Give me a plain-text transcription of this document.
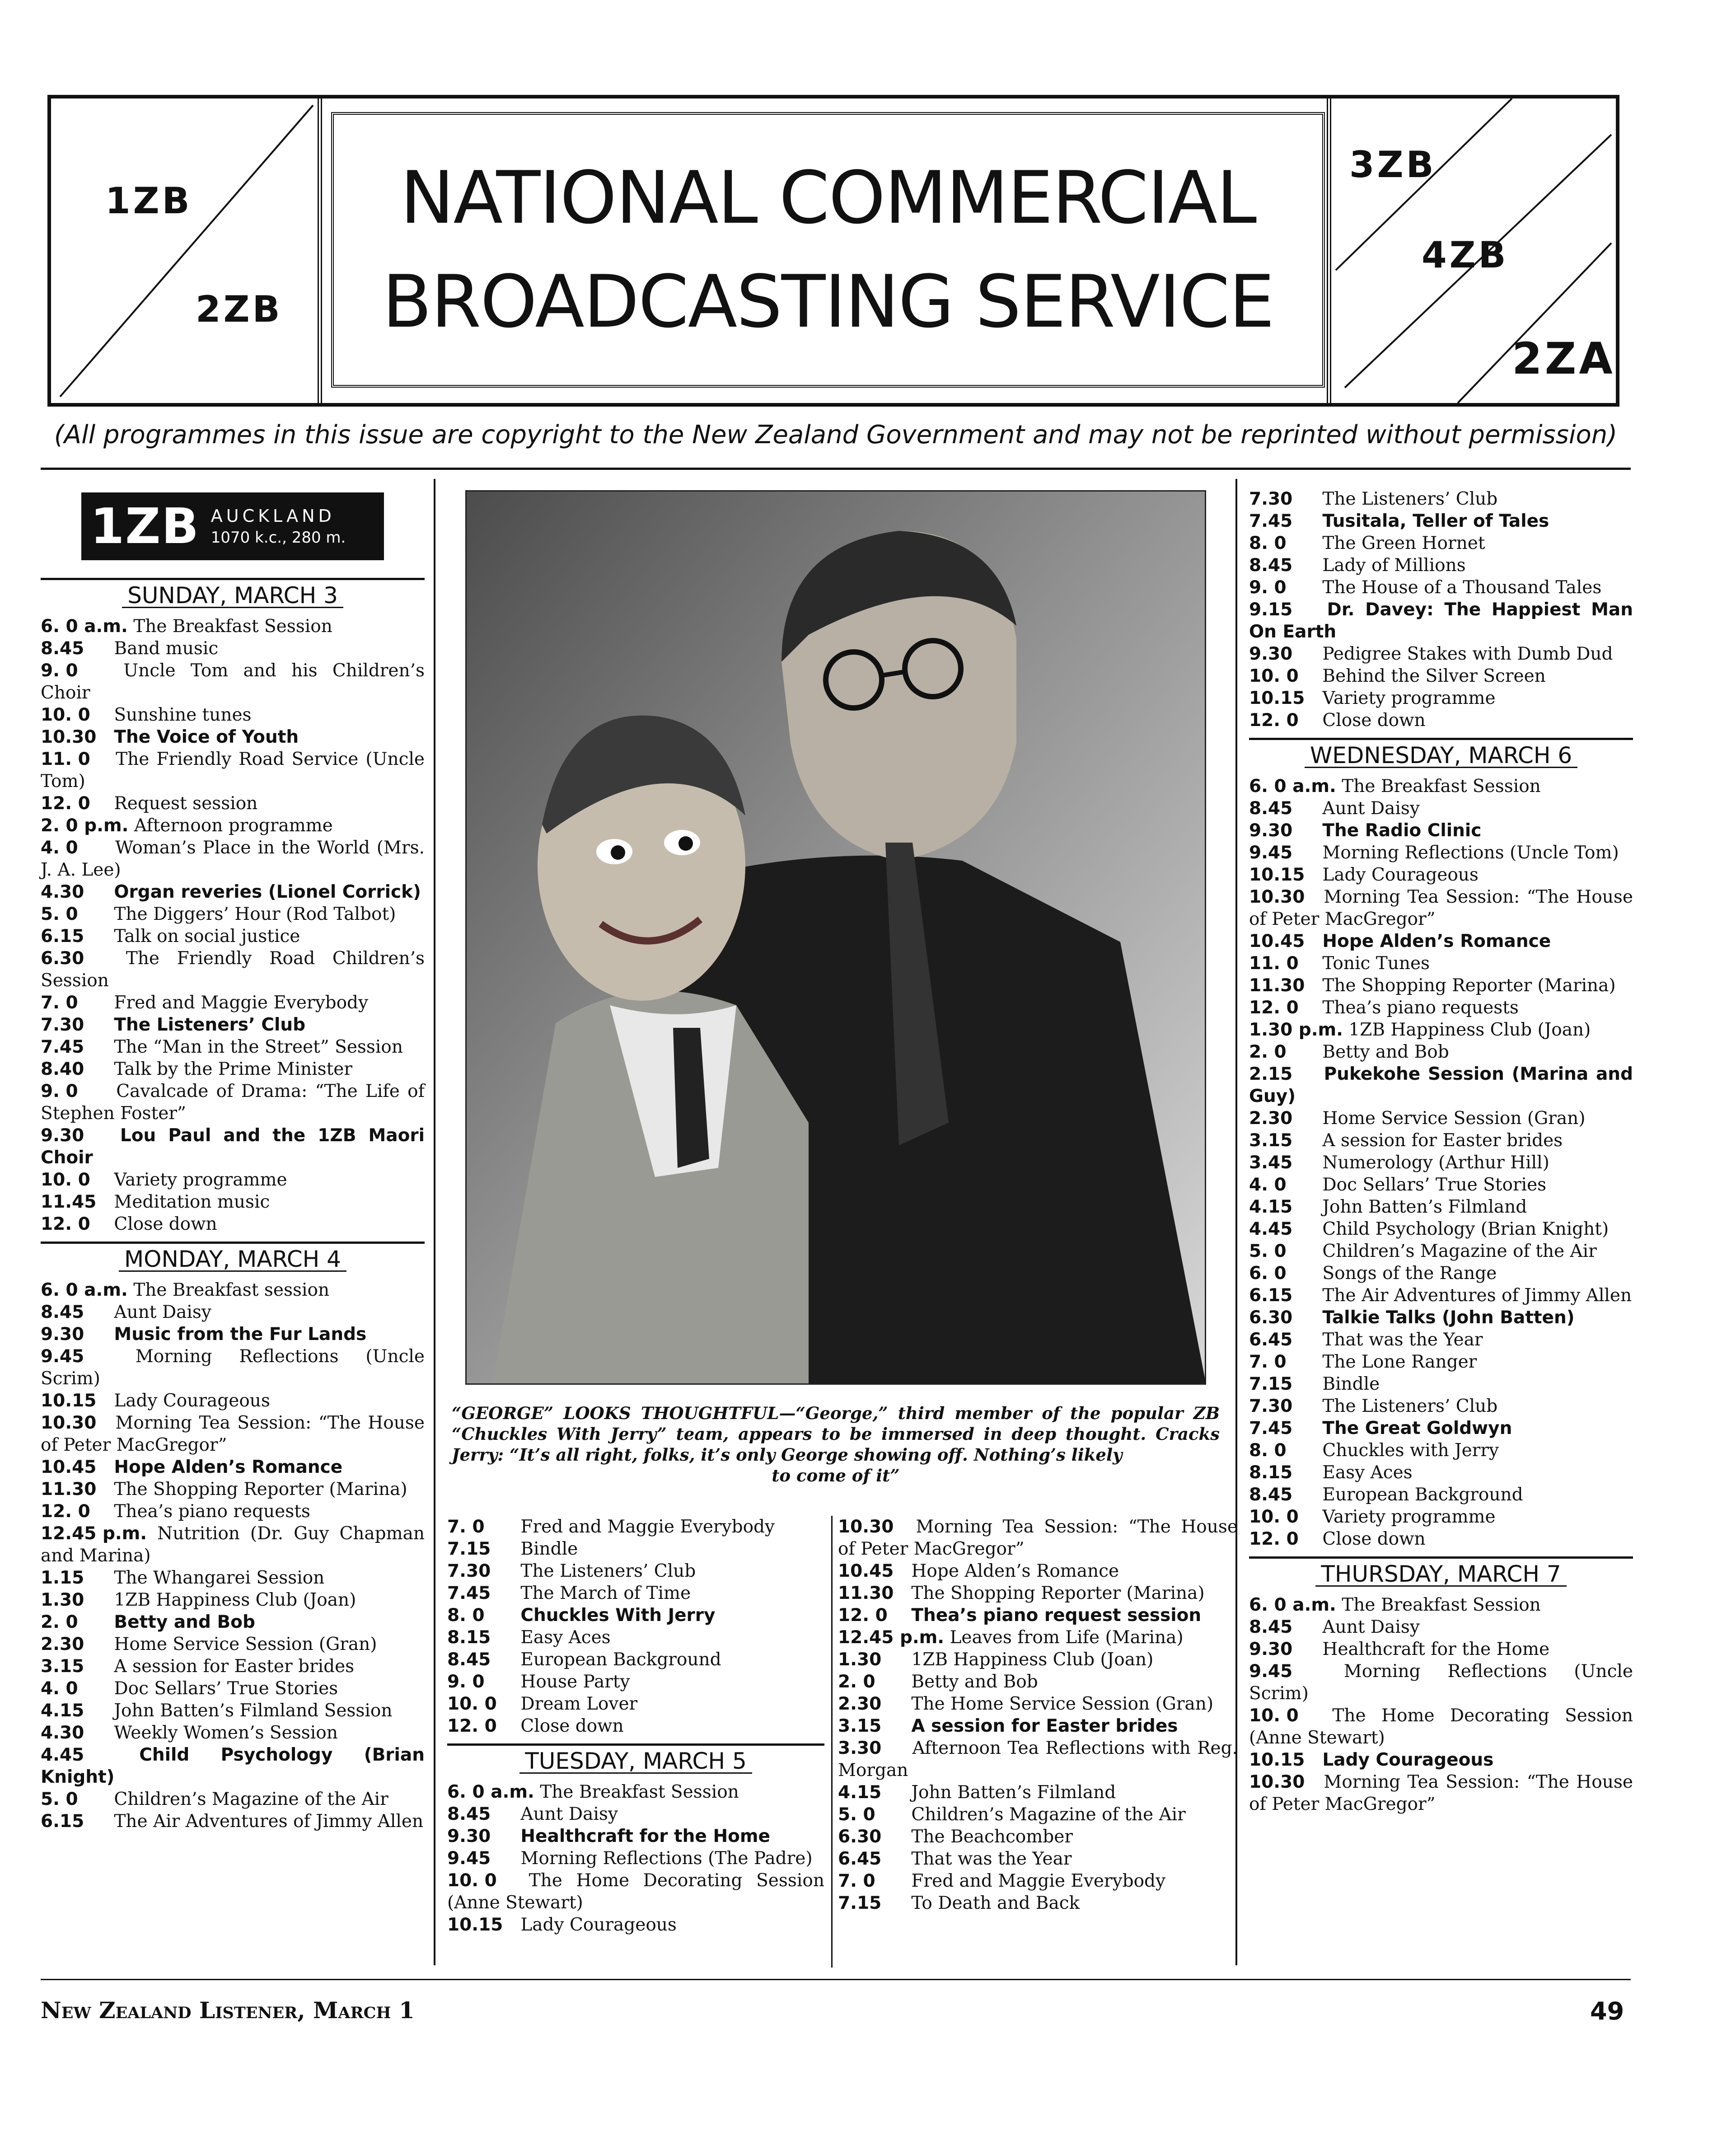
1ZB
2ZB
NATIONAL COMMERCIAL
BROADCASTING SERVICE
3ZB
4ZB
2ZA
(All programmes in this issue are copyright to the New Zealand Government and may not be reprinted without permission)
1ZB AUCKLAND
1070 k.c., 280 m.
SUNDAY, MARCH 3
6. 0 a.m. The Breakfast Session
8.45 Band music
9. 0	Uncle Tom and his Children’s Choir
10. 0 Sunshine tunes
10.30 The Voice of Youth
11. 0 The Friendly Road Service (Uncle Tom)
12. 0 Request session
2. 0 p.m. Afternoon programme
4. 0 Woman’s Place in the World (Mrs. J. A. Lee)
4.30 Organ reveries (Lionel Corrick)
5. 0 The Diggers’ Hour (Rod Talbot)
6.15 Talk on social justice
6.30 The Friendly Road Children’s Session
7. 0 Fred and Maggie Everybody
7.30 The Listeners’ Club
7.45 The “Man in the Street” Session
8.40 Talk by the Prime Minister
9. 0 Cavalcade of Drama: “The Life of Stephen Foster”
9.30 Lou Paul and the 1ZB Maori Choir
10. 0 Variety programme
11.45 Meditation music
12. 0 Close down
MONDAY, MARCH 4
6. 0 a.m. The Breakfast session
8.45 Aunt Daisy
9.30 Music from the Fur Lands
9.45	Morning Reflections (Uncle Scrim)
10.15 Lady Courageous
10.30 Morning Tea Session: “The House of Peter MacGregor”
10.45 Hope Alden’s Romance
11.30 The Shopping Reporter (Marina)
12. 0 Thea’s piano requests
12.45 p.m. Nutrition (Dr. Guy Chapman and Marina)
1.15 The Whangarei Session
1.30 1ZB Happiness Club (Joan)
2. 0 Betty and Bob
2.30 Home Service Session (Gran)
3.15 A session for Easter brides
4. 0 Doc Sellars’ True Stories
4.15 John Batten’s Filmland Session
4.30 Weekly Women’s Session
4.45	Child Psychology (Brian Knight)
5. 0 Children’s Magazine of the Air
6.15 The Air Adventures of Jimmy Allen
“GEORGE” LOOKS THOUGHTFUL—“George,” third member of the popular ZB “Chuckles With Jerry” team, appears to be immersed in deep thought. Cracks Jerry: “It’s all right, folks, it’s only George showing off. Nothing’s likely
to come of it”
7. 0 Fred and Maggie Everybody
7.15 Bindle
7.30 The Listeners’ Club
7.45 The March of Time
8. 0 Chuckles With Jerry
8.15 Easy Aces
8.45 European Background
9. 0 House Party
10. 0 Dream Lover
12. 0 Close down
TUESDAY, MARCH 5
6. 0 a.m. The Breakfast Session
8.45 Aunt Daisy
9.30 Healthcraft for the Home
9.45 Morning Reflections (The Padre)
10. 0 The Home Decorating Session (Anne Stewart)
10.15 Lady Courageous
10.30 Morning Tea Session: “The House of Peter MacGregor”
10.45 Hope Alden’s Romance
11.30 The Shopping Reporter (Marina)
12. 0 Thea’s piano request session
12.45 p.m. Leaves from Life (Marina)
1.30 1ZB Happiness Club (Joan)
2. 0 Betty and Bob
2.30 The Home Service Session (Gran)
3.15 A session for Easter brides
3.30 Afternoon Tea Reflections with Reg. Morgan
4.15 John Batten’s Filmland
5. 0 Children’s Magazine of the Air
6.30 The Beachcomber
6.45 That was the Year
7. 0 Fred and Maggie Everybody
7.15 To Death and Back
7.30 The Listeners’ Club
7.45 Tusitala, Teller of Tales
8. 0 The Green Hornet
8.45 Lady of Millions
9. 0 The House of a Thousand Tales
9.15 Dr. Davey: The Happiest Man On Earth
9.30 Pedigree Stakes with Dumb Dud
10. 0 Behind the Silver Screen
10.15 Variety programme
12. 0 Close down
WEDNESDAY, MARCH 6
6. 0 a.m. The Breakfast Session
8.45 Aunt Daisy
9.30 The Radio Clinic
9.45 Morning Reflections (Uncle Tom)
10.15 Lady Courageous
10.30 Morning Tea Session: “The House of Peter MacGregor”
10.45 Hope Alden’s Romance
11. 0 Tonic Tunes
11.30 The Shopping Reporter (Marina)
12. 0 Thea’s piano requests
1.30 p.m. 1ZB Happiness Club (Joan)
2. 0 Betty and Bob
2.15 Pukekohe Session (Marina and Guy)
2.30 Home Service Session (Gran)
3.15 A session for Easter brides
3.45 Numerology (Arthur Hill)
4. 0 Doc Sellars’ True Stories
4.15 John Batten’s Filmland
4.45 Child Psychology (Brian Knight)
5. 0 Children’s Magazine of the Air
6. 0 Songs of the Range
6.15 The Air Adventures of Jimmy Allen
6.30 Talkie Talks (John Batten)
6.45 That was the Year
7. 0 The Lone Ranger
7.15 Bindle
7.30 The Listeners’ Club
7.45 The Great Goldwyn
8. 0 Chuckles with Jerry
8.15 Easy Aces
8.45 European Background
10. 0 Variety programme
12. 0 Close down
THURSDAY, MARCH 7
6. 0 a.m. The Breakfast Session
8.45 Aunt Daisy
9.30 Healthcraft for the Home
9.45	Morning Reflections (Uncle Scrim)
10. 0 The Home Decorating Session (Anne Stewart)
10.15 Lady Courageous
10.30 Morning Tea Session: “The House of Peter MacGregor”
New Zealand Listener, March 1	49
